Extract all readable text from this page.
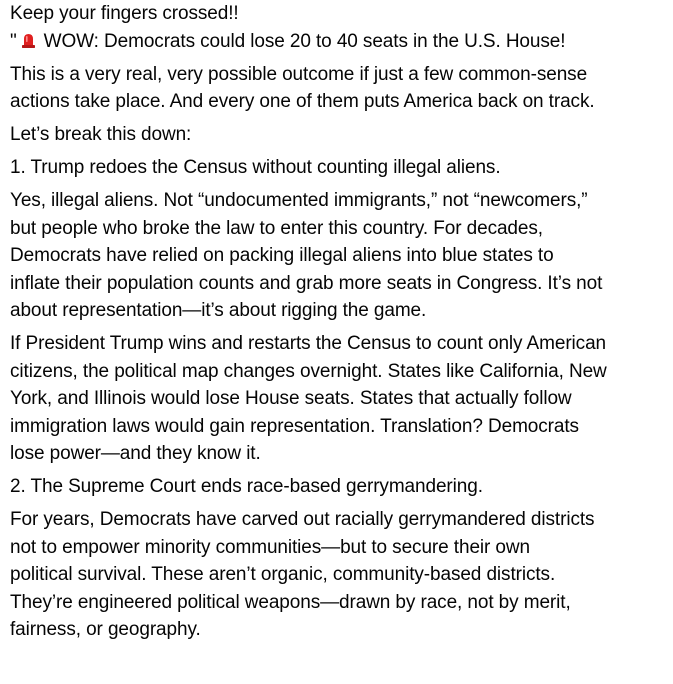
Keep your fingers crossed!!
" WOW: Democrats could lose 20 to 40 seats in the U.S. House!
This is a very real, very possible outcome if just a few common-sense
actions take place. And every one of them puts America back on track.
Let’s break this down:
1. Trump redoes the Census without counting illegal aliens.
Yes, illegal aliens. Not “undocumented immigrants,” not “newcomers,”
but people who broke the law to enter this country. For decades,
Democrats have relied on packing illegal aliens into blue states to
inflate their population counts and grab more seats in Congress. It’s not
about representation—it’s about rigging the game.
If President Trump wins and restarts the Census to count only American
citizens, the political map changes overnight. States like California, New
York, and Illinois would lose House seats. States that actually follow
immigration laws would gain representation. Translation? Democrats
lose power—and they know it.
2. The Supreme Court ends race-based gerrymandering.
For years, Democrats have carved out racially gerrymandered districts
not to empower minority communities—but to secure their own
political survival. These aren’t organic, community-based districts.
They’re engineered political weapons—drawn by race, not by merit,
fairness, or geography.
